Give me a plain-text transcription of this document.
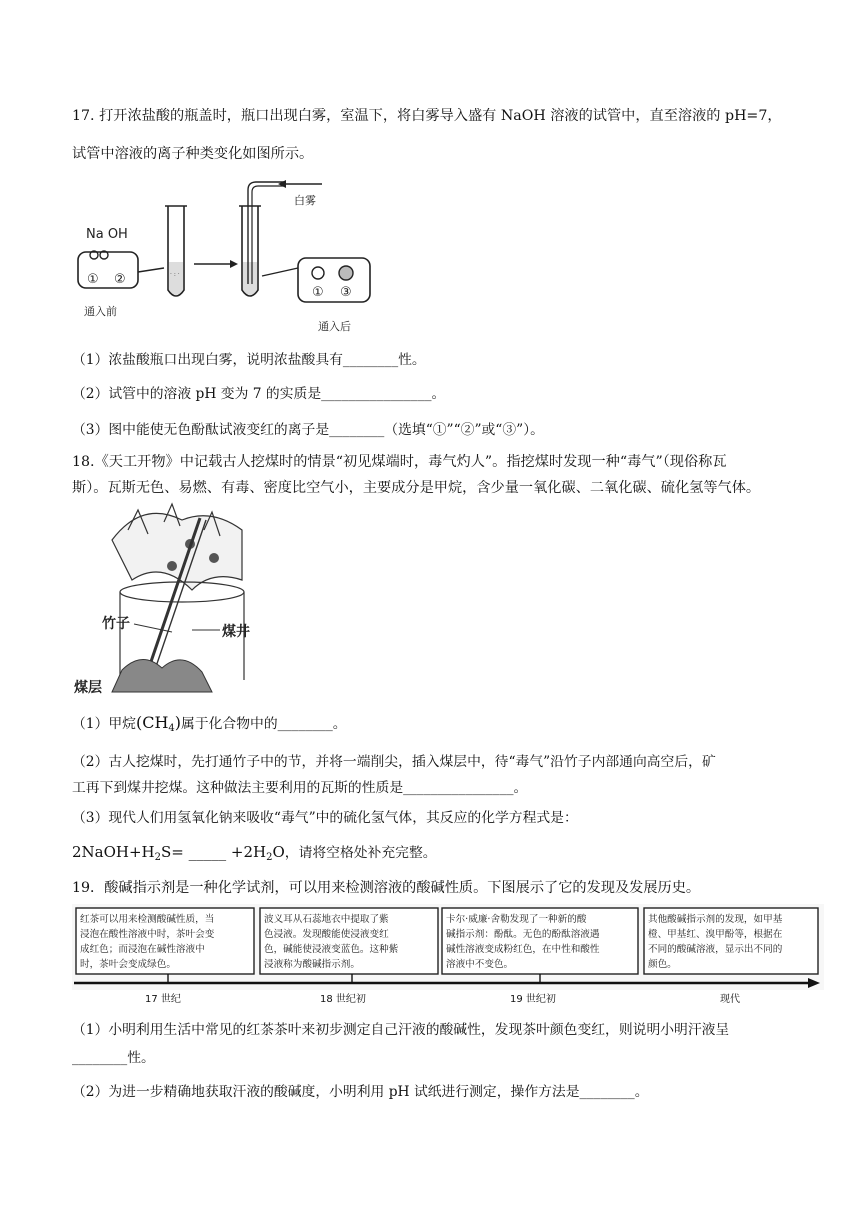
17. 打开浓盐酸的瓶盖时，瓶口出现白雾，室温下，将白雾导入盛有 NaOH 溶液的试管中，直至溶液的 pH=7，
试管中溶液的离子种类变化如图所示。
Na OH
① ②
通入前
· : ·
白雾
① ③
通入后
（1）浓盐酸瓶口出现白雾，说明浓盐酸具有________性。
（2）试管中的溶液 pH 变为 7 的实质是________________。
（3）图中能使无色酚酞试液变红的离子是________（选填“①”“②”或“③”）。
18.《天工开物》中记载古人挖煤时的情景“初见煤端时，毒气灼人”。指挖煤时发现一种“毒气”（现俗称瓦
斯）。瓦斯无色、易燃、有毒、密度比空气小，主要成分是甲烷，含少量一氧化碳、二氧化碳、硫化氢等气体。
竹子	煤井
煤层
（1）甲烷$(CH_4)$属于化合物中的________。
（2）古人挖煤时，先打通竹子中的节，并将一端削尖，插入煤层中，待“毒气”沿竹子内部通向高空后，矿
工再下到煤井挖煤。这种做法主要利用的瓦斯的性质是________________。
（3）现代人们用氢氧化钠来吸收“毒气”中的硫化氢气体，其反应的化学方程式是：
$2NaOH+H_2S=$ _____ $+2H_2O$，请将空格处补充完整。
19．酸碱指示剂是一种化学试剂，可以用来检测溶液的酸碱性质。下图展示了它的发现及发展历史。
红茶可以用来检测酸碱性质，当
浸泡在酸性溶液中时，茶叶会变
成红色；而浸泡在碱性溶液中
时，茶叶会变成绿色。
波义耳从石蕊地衣中提取了紫
色浸液。发现酸能使浸液变红
色，碱能使浸液变蓝色。这种紫
浸液称为酸碱指示剂。
卡尔·威廉·舍勒发现了一种新的酸
碱指示剂：酚酞。无色的酚酞溶液遇
碱性溶液变成粉红色，在中性和酸性
溶液中不变色。
其他酸碱指示剂的发现，如甲基
橙、甲基红、溴甲酚等，根据在
不同的酸碱溶液，显示出不同的
颜色。
17 世纪	18 世纪初	19 世纪初	现代
（1）小明利用生活中常见的红茶茶叶来初步测定自己汗液的酸碱性，发现茶叶颜色变红，则说明小明汗液呈
________性。
（2）为进一步精确地获取汗液的酸碱度，小明利用 pH 试纸进行测定，操作方法是________。
